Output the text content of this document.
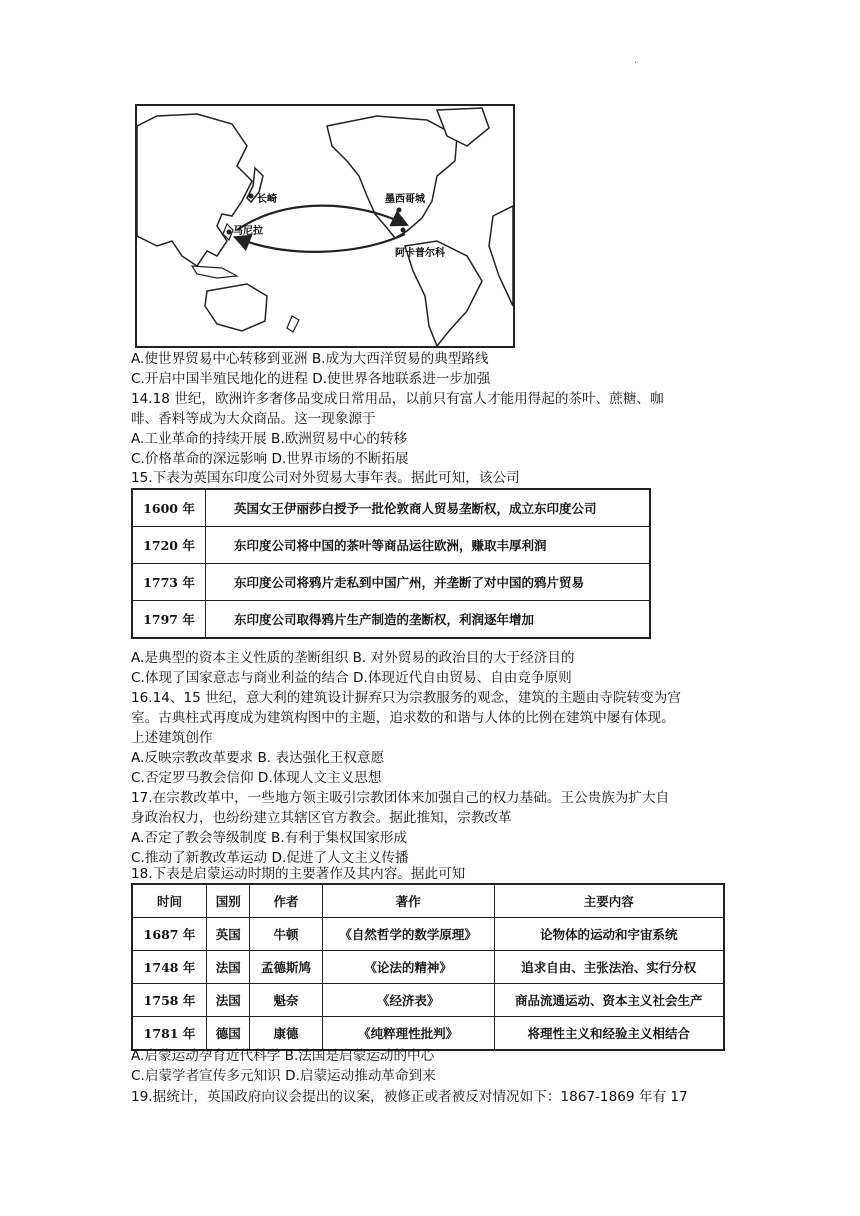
·
长崎
马尼拉
墨西哥城
阿卡普尔科
A.使世界贸易中心转移到亚洲 B.成为大西洋贸易的典型路线
C.开启中国半殖民地化的进程 D.使世界各地联系进一步加强
14.18 世纪，欧洲许多奢侈品变成日常用品，以前只有富人才能用得起的茶叶、蔗糖、咖
啡、香料等成为大众商品。这一现象源于
A.工业革命的持续开展 B.欧洲贸易中心的转移
C.价格革命的深远影响 D.世界市场的不断拓展
15.下表为英国东印度公司对外贸易大事年表。据此可知，该公司
1600 年	英国女王伊丽莎白授予一批伦敦商人贸易垄断权，成立东印度公司
1720 年	东印度公司将中国的茶叶等商品运往欧洲，赚取丰厚利润
1773 年	东印度公司将鸦片走私到中国广州，并垄断了对中国的鸦片贸易
1797 年	东印度公司取得鸦片生产制造的垄断权，利润逐年增加
A.是典型的资本主义性质的垄断组织 B. 对外贸易的政治目的大于经济目的
C.体现了国家意志与商业利益的结合 D.体现近代自由贸易、自由竞争原则
16.14、15 世纪，意大利的建筑设计摒弃只为宗教服务的观念，建筑的主题由寺院转变为宫
室。古典柱式再度成为建筑构图中的主题，追求数的和谐与人体的比例在建筑中屡有体现。
上述建筑创作
A.反映宗教改革要求 B. 表达强化王权意愿
C.否定罗马教会信仰 D.体现人文主义思想
17.在宗教改革中，一些地方领主吸引宗教团体来加强自己的权力基础。王公贵族为扩大自
身政治权力，也纷纷建立其辖区官方教会。据此推知，宗教改革
A.否定了教会等级制度 B.有利于集权国家形成
C.推动了新教改革运动 D.促进了人文主义传播
18.下表是启蒙运动时期的主要著作及其内容。据此可知
时间	国别	作者	著作	主要内容
1687 年	英国	牛顿	《自然哲学的数学原理》	论物体的运动和宇宙系统
1748 年	法国	孟德斯鸠	《论法的精神》	追求自由、主张法治、实行分权
1758 年	法国	魁奈	《经济表》	商品流通运动、资本主义社会生产
1781 年	德国	康德	《纯粹理性批判》	将理性主义和经验主义相结合
A.启蒙运动孕育近代科学 B.法国是启蒙运动的中心
C.启蒙学者宣传多元知识 D.启蒙运动推动革命到来
19.据统计，英国政府向议会提出的议案，被修正或者被反对情况如下：1867-1869 年有 17
